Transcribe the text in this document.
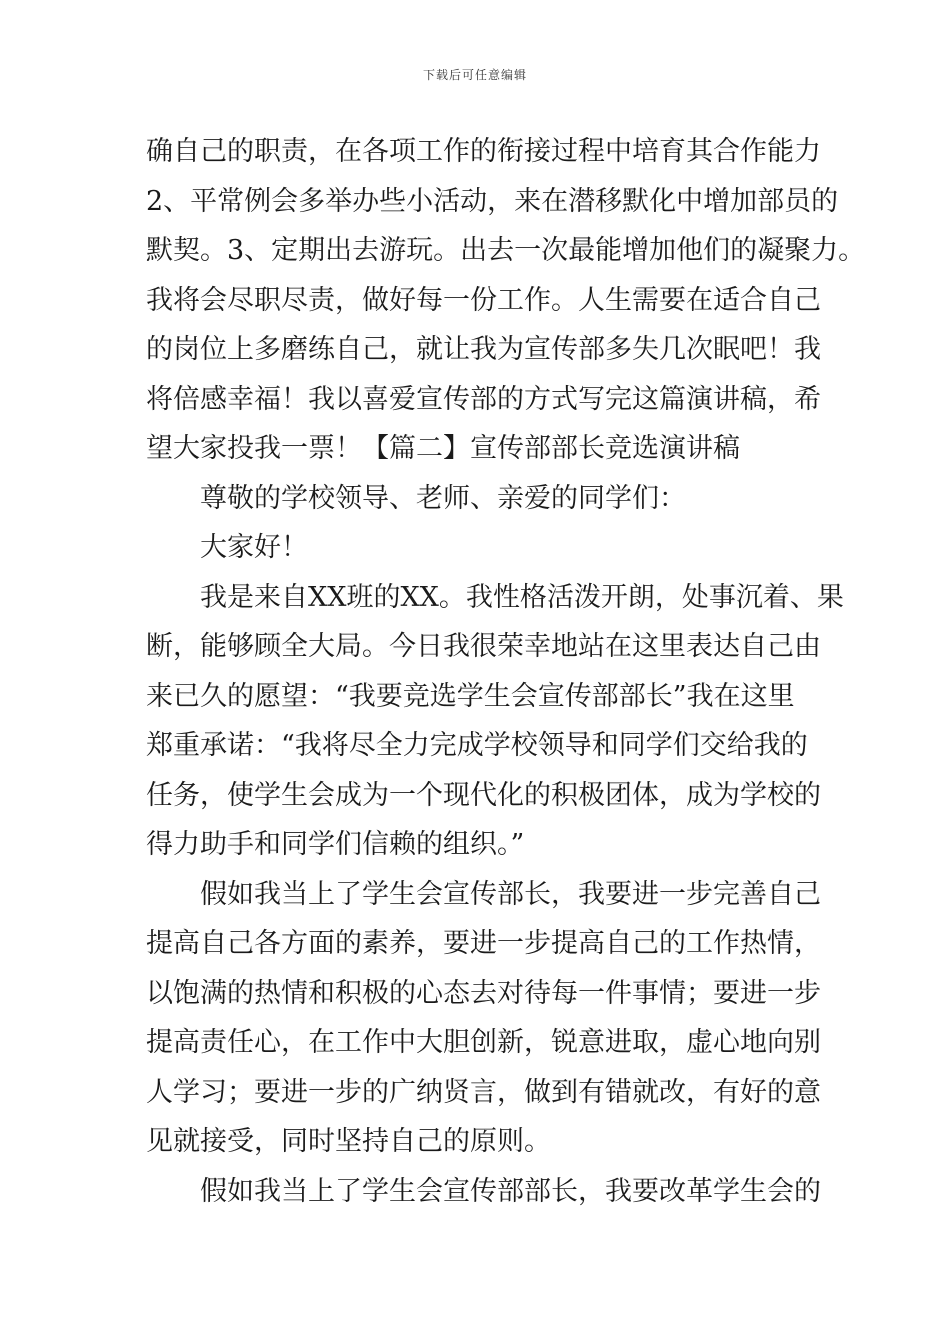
下载后可任意编辑
确自己的职责，在各项工作的衔接过程中培育其合作能力
2、平常例会多举办些小活动，来在潜移默化中增加部员的
默契。3、定期出去游玩。出去一次最能增加他们的凝聚力。
我将会尽职尽责，做好每一份工作。人生需要在适合自己
的岗位上多磨练自己，就让我为宣传部多失几次眠吧！我
将倍感幸福！我以喜爱宣传部的方式写完这篇演讲稿，希
望大家投我一票！【篇二】宣传部部长竞选演讲稿
　　尊敬的学校领导、老师、亲爱的同学们：
　　大家好！
　　我是来自XX班的XX。我性格活泼开朗，处事沉着、果
断，能够顾全大局。今日我很荣幸地站在这里表达自己由
来已久的愿望：“我要竞选学生会宣传部部长”我在这里
郑重承诺：“我将尽全力完成学校领导和同学们交给我的
任务，使学生会成为一个现代化的积极团体，成为学校的
得力助手和同学们信赖的组织。”
　　假如我当上了学生会宣传部长，我要进一步完善自己
提高自己各方面的素养，要进一步提高自己的工作热情，
以饱满的热情和积极的心态去对待每一件事情；要进一步
提高责任心，在工作中大胆创新，锐意进取，虚心地向别
人学习；要进一步的广纳贤言，做到有错就改，有好的意
见就接受，同时坚持自己的原则。
　　假如我当上了学生会宣传部部长，我要改革学生会的
